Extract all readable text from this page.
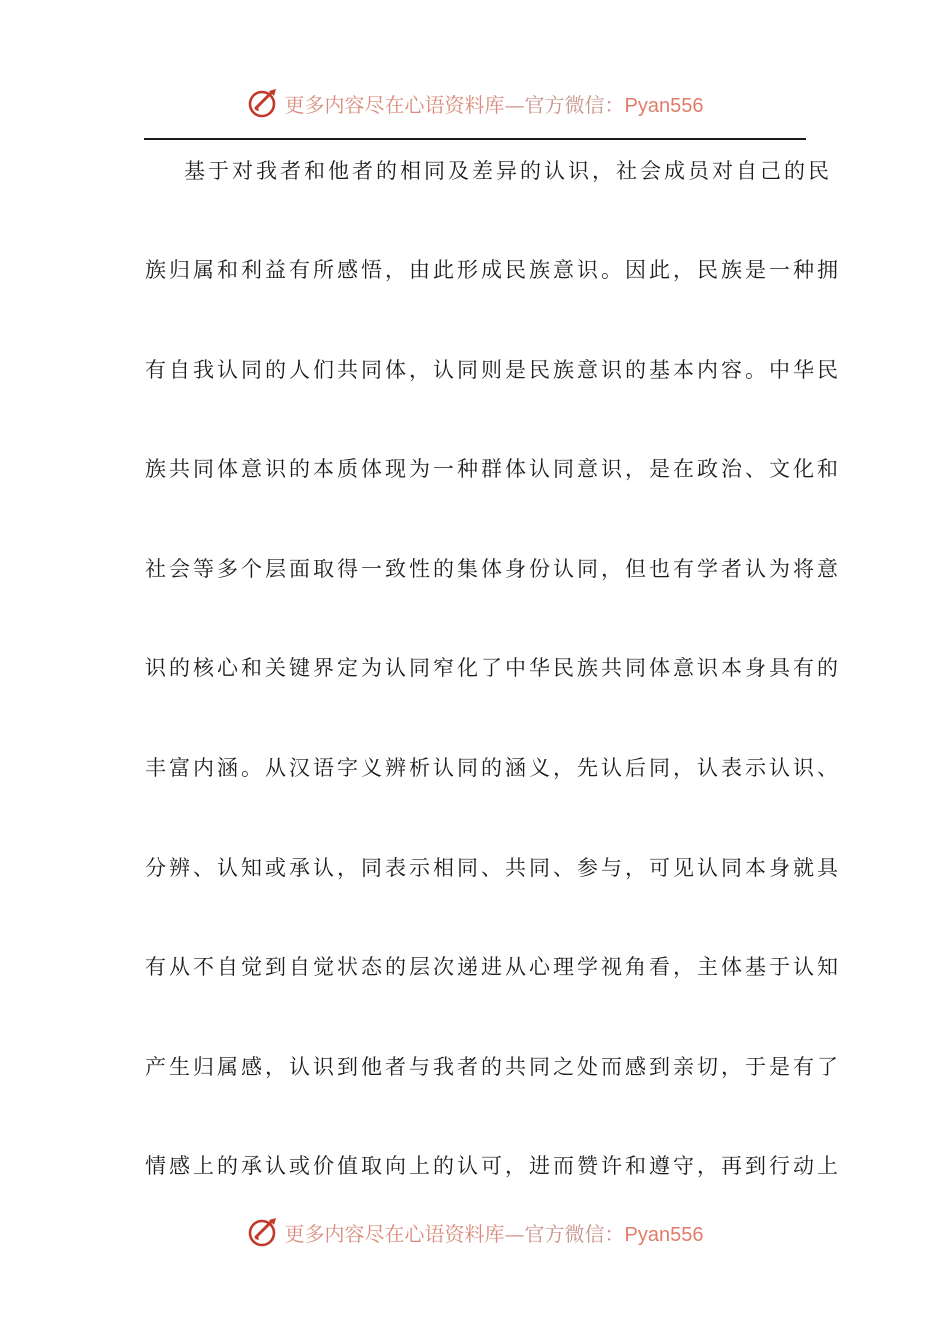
更多内容尽在心语资料库—官方微信：Pyan556
基于对我者和他者的相同及差异的认识，社会成员对自己的民
族归属和利益有所感悟，由此形成民族意识。因此，民族是一种拥
有自我认同的人们共同体，认同则是民族意识的基本内容。中华民
族共同体意识的本质体现为一种群体认同意识，是在政治、文化和
社会等多个层面取得一致性的集体身份认同，但也有学者认为将意
识的核心和关键界定为认同窄化了中华民族共同体意识本身具有的
丰富内涵。从汉语字义辨析认同的涵义，先认后同，认表示认识、
分辨、认知或承认，同表示相同、共同、参与，可见认同本身就具
有从不自觉到自觉状态的层次递进从心理学视角看，主体基于认知
产生归属感，认识到他者与我者的共同之处而感到亲切，于是有了
情感上的承认或价值取向上的认可，进而赞许和遵守，再到行动上
更多内容尽在心语资料库—官方微信：Pyan556
